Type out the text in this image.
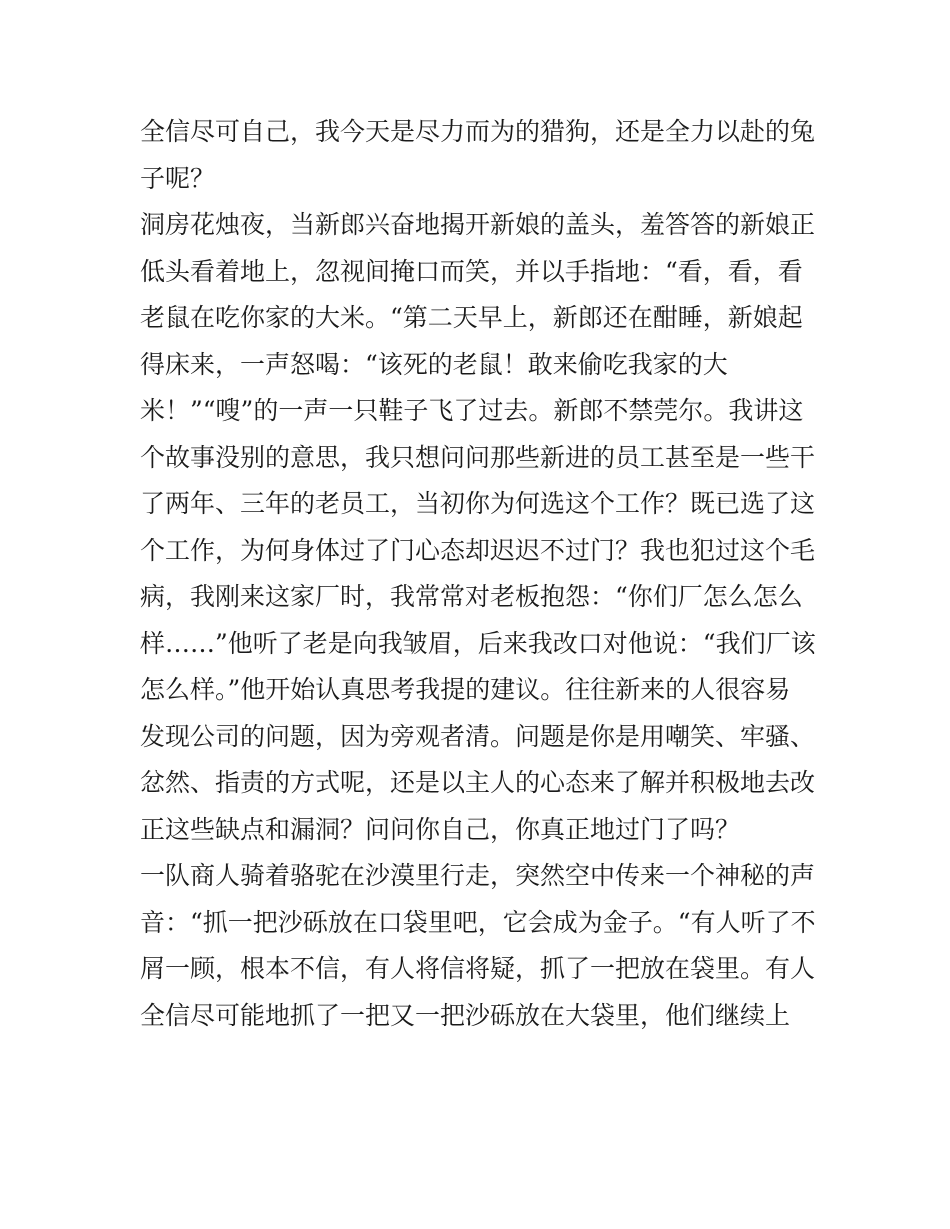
全信尽可自己，我今天是尽力而为的猎狗，还是全力以赴的兔
子呢？
洞房花烛夜，当新郎兴奋地揭开新娘的盖头，羞答答的新娘正
低头看着地上，忽视间掩口而笑，并以手指地：“看，看，看
老鼠在吃你家的大米。“第二天早上，新郎还在酣睡，新娘起
得床来，一声怒喝：“该死的老鼠！敢来偷吃我家的大
米！”“嗖”的一声一只鞋子飞了过去。新郎不禁莞尔。我讲这
个故事没别的意思，我只想问问那些新进的员工甚至是一些干
了两年、三年的老员工，当初你为何选这个工作？既已选了这
个工作，为何身体过了门心态却迟迟不过门？我也犯过这个毛
病，我刚来这家厂时，我常常对老板抱怨：“你们厂怎么怎么
样……”他听了老是向我皱眉，后来我改口对他说：“我们厂该
怎么样。”他开始认真思考我提的建议。往往新来的人很容易
发现公司的问题，因为旁观者清。问题是你是用嘲笑、牢骚、
忿然、指责的方式呢，还是以主人的心态来了解并积极地去改
正这些缺点和漏洞？问问你自己，你真正地过门了吗？
一队商人骑着骆驼在沙漠里行走，突然空中传来一个神秘的声
音：“抓一把沙砾放在口袋里吧，它会成为金子。“有人听了不
屑一顾，根本不信，有人将信将疑，抓了一把放在袋里。有人
全信尽可能地抓了一把又一把沙砾放在大袋里，他们继续上
